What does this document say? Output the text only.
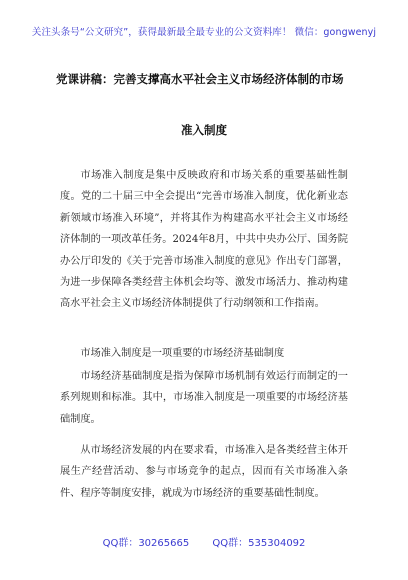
关注头条号“公文研究”，获得最新最全最专业的公文资料库！ 微信：gongwenyj
党课讲稿：完善支撑高水平社会主义市场经济体制的市场
准入制度

市场准入制度是集中反映政府和市场关系的重要基础性制度。党的二十届三中全会提出“完善市场准入制度，优化新业态新领域市场准入环境”，并将其作为构建高水平社会主义市场经济体制的一项改革任务。2024年8月，中共中央办公厅、国务院办公厅印发的《关于完善市场准入制度的意见》作出专门部署，为进一步保障各类经营主体机会均等、激发市场活力、推动构建高水平社会主义市场经济体制提供了行动纲领和工作指南。

市场准入制度是一项重要的市场经济基础制度

市场经济基础制度是指为保障市场机制有效运行而制定的一系列规则和标准。其中，市场准入制度是一项重要的市场经济基础制度。

从市场经济发展的内在要求看，市场准入是各类经营主体开展生产经营活动、参与市场竞争的起点，因而有关市场准入条件、程序等制度安排，就成为市场经济的重要基础性制度。

QQ群：30265665 QQ群：535304092
